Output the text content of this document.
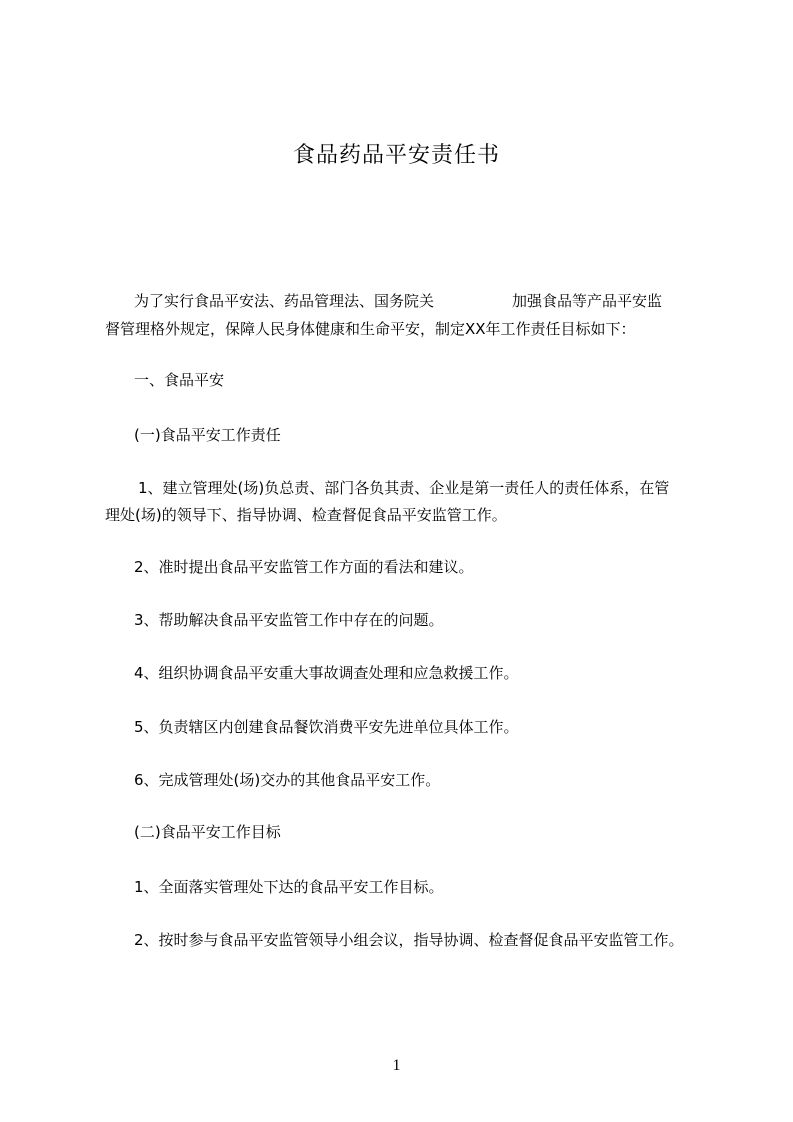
食品药品平安责任书
为了实行食品平安法、药品管理法、国务院关	加强食品等产品平安监
督管理格外规定，保障人民身体健康和生命平安，制定XX年工作责任目标如下：
一、食品平安
(一)食品平安工作责任
1、建立管理处(场)负总责、部门各负其责、企业是第一责任人的责任体系，在管
理处(场)的领导下、指导协调、检查督促食品平安监管工作。
2、准时提出食品平安监管工作方面的看法和建议。
3、帮助解决食品平安监管工作中存在的问题。
4、组织协调食品平安重大事故调查处理和应急救援工作。
5、负责辖区内创建食品餐饮消费平安先进单位具体工作。
6、完成管理处(场)交办的其他食品平安工作。
(二)食品平安工作目标
1、全面落实管理处下达的食品平安工作目标。
2、按时参与食品平安监管领导小组会议，指导协调、检查督促食品平安监管工作。
1
